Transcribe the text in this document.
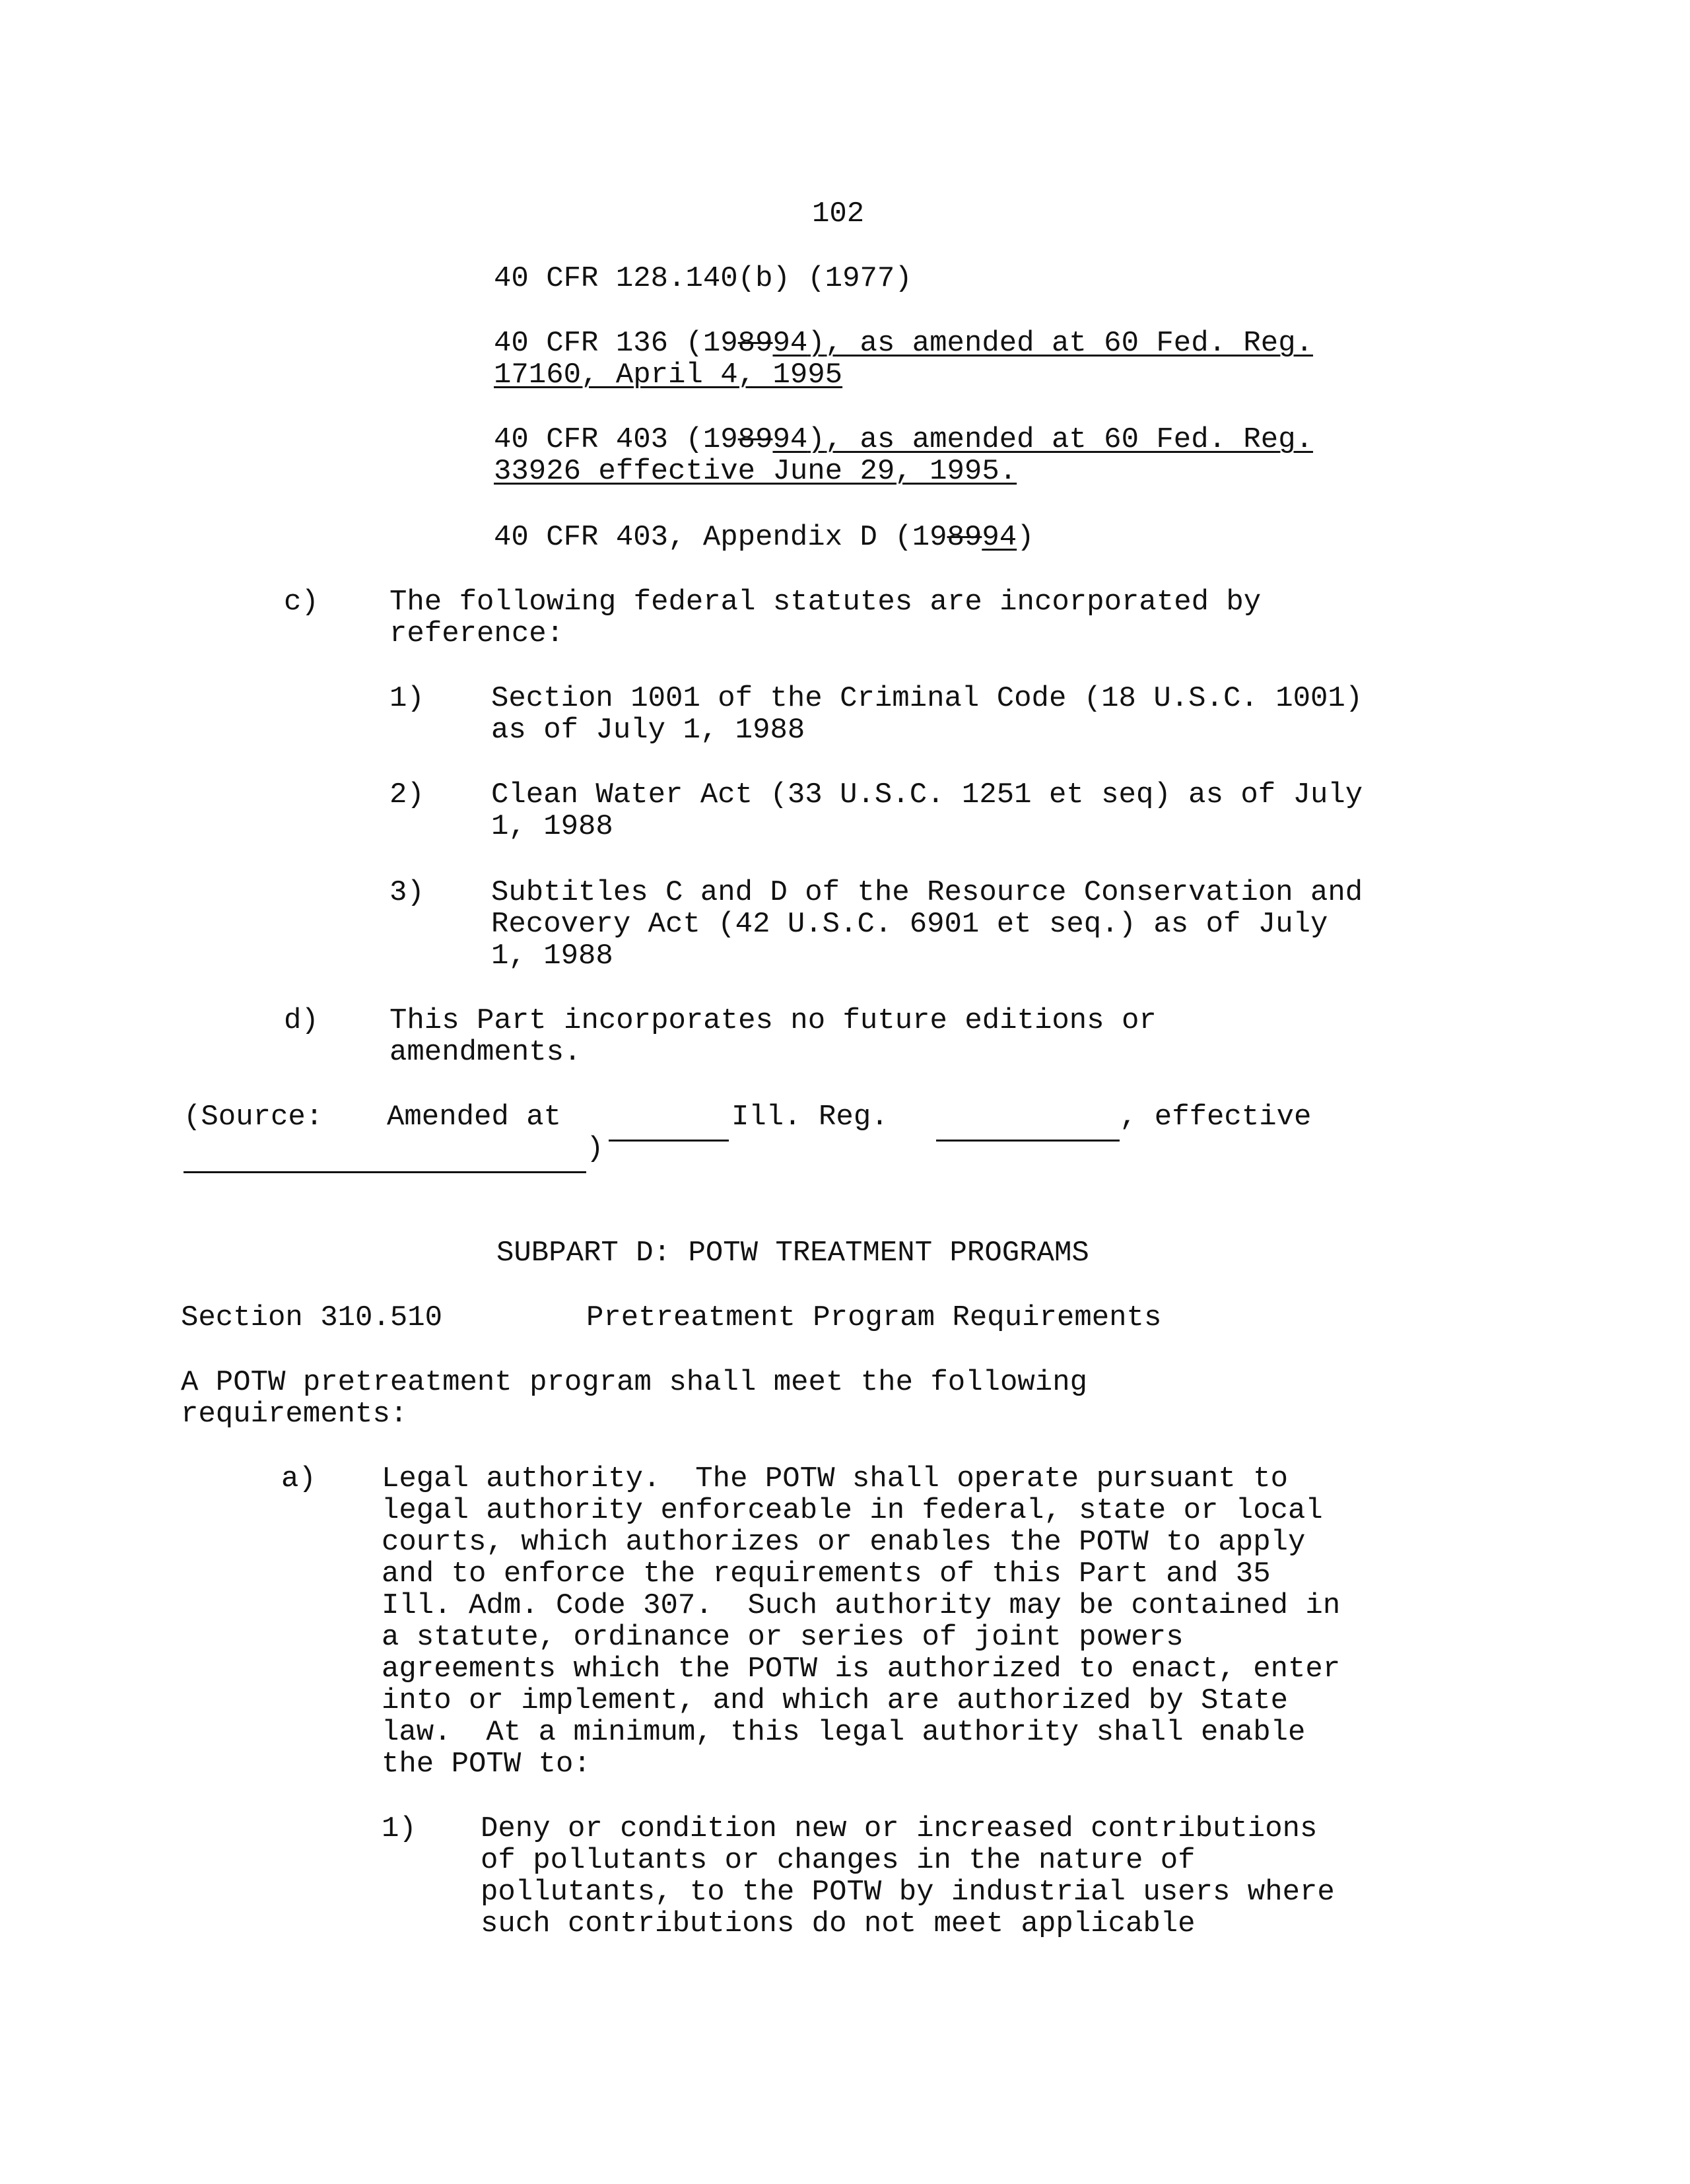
102
40 CFR 128.140(b) (1977)
40 CFR 136 (198994), as amended at 60 Fed. Reg.
17160, April 4, 1995
40 CFR 403 (198994), as amended at 60 Fed. Reg.
33926 effective June 29, 1995.
40 CFR 403, Appendix D (198994)
c) The following federal statutes are incorporated by
reference:
1) Section 1001 of the Criminal Code (18 U.S.C. 1001)
as of July 1, 1988
2) Clean Water Act (33 U.S.C. 1251 et seq) as of July
1, 1988
3) Subtitles C and D of the Resource Conservation and
Recovery Act (42 U.S.C. 6901 et seq.) as of July
1, 1988
d) This Part incorporates no future editions or
amendments.
(Source: Amended at	Ill. Reg.	, effective
)
SUBPART D: POTW TREATMENT PROGRAMS
Section 310.510	Pretreatment Program Requirements
A POTW pretreatment program shall meet the following
requirements:
a) Legal authority.  The POTW shall operate pursuant to
legal authority enforceable in federal, state or local
courts, which authorizes or enables the POTW to apply
and to enforce the requirements of this Part and 35
Ill. Adm. Code 307.  Such authority may be contained in
a statute, ordinance or series of joint powers
agreements which the POTW is authorized to enact, enter
into or implement, and which are authorized by State
law.  At a minimum, this legal authority shall enable
the POTW to:
1) Deny or condition new or increased contributions
of pollutants or changes in the nature of
pollutants, to the POTW by industrial users where
such contributions do not meet applicable
